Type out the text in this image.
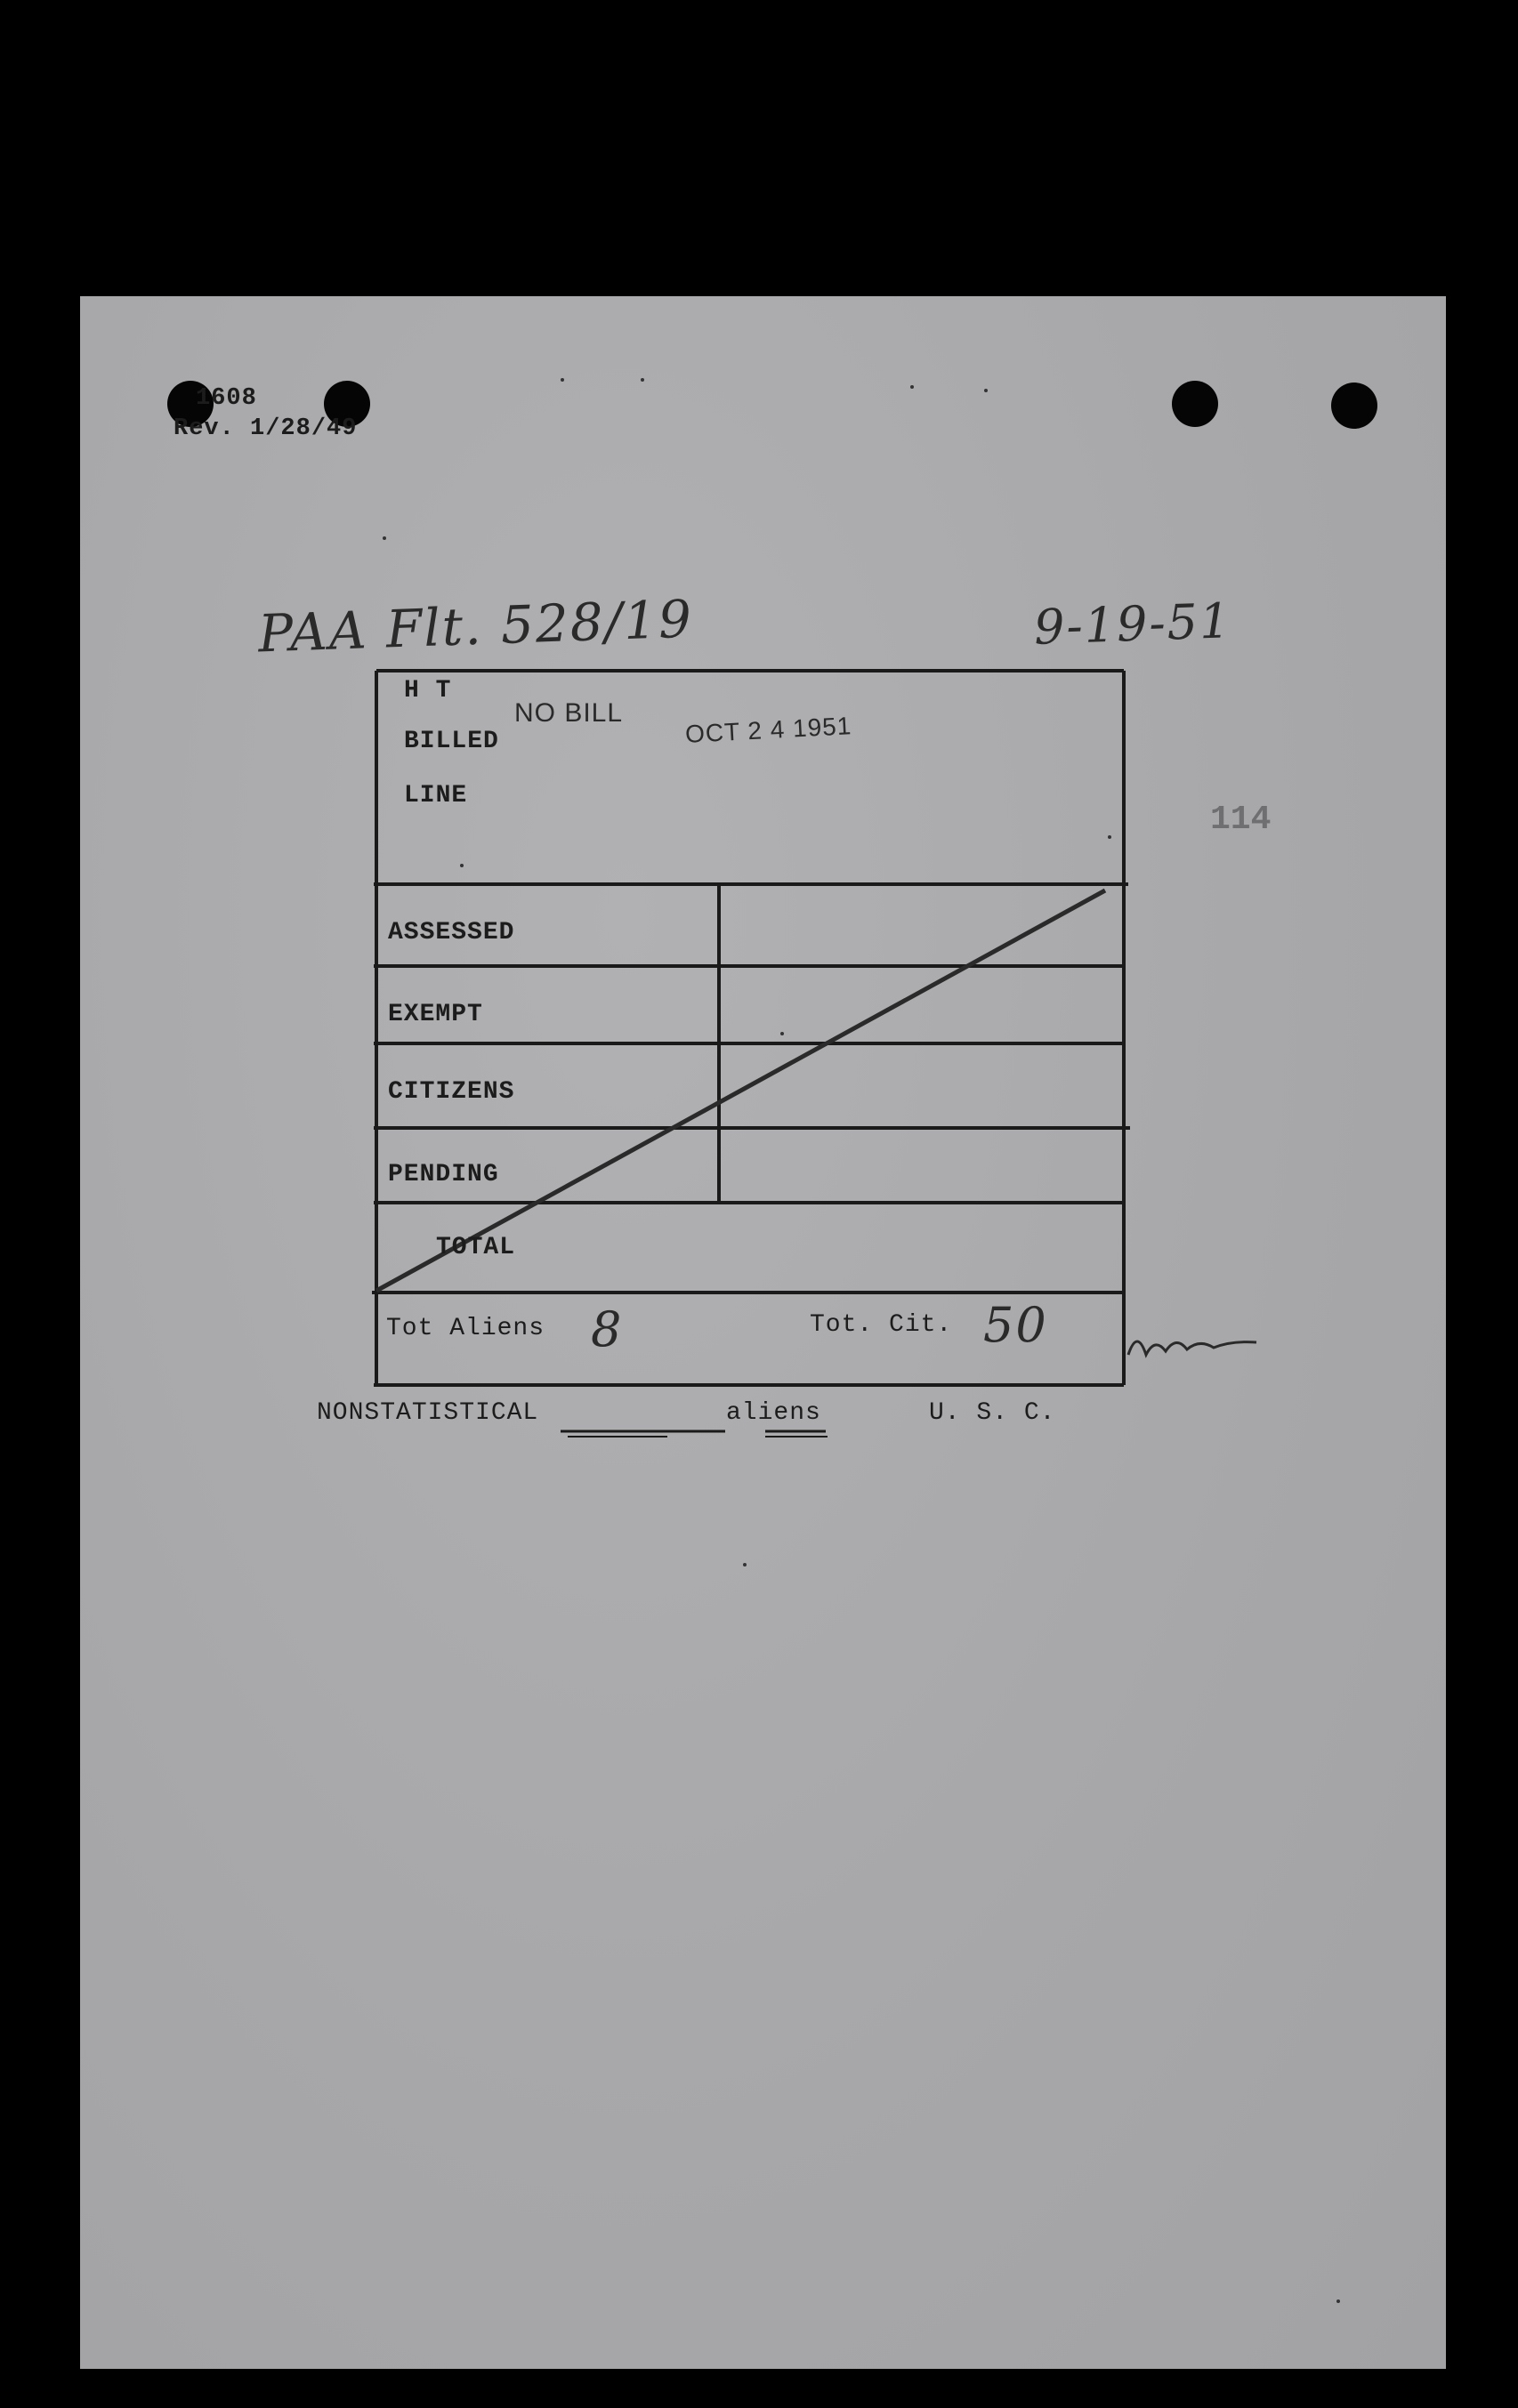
1608
Rev. 1/28/49
PAA Flt. 528/19	9-19-51
114
H T
BILLED
LINE
NO BILL OCT 2 4 1951
ASSESSED
EXEMPT
CITIZENS
PENDING
TOTAL
Tot Aliens 8	Tot. Cit. 50
NONSTATISTICAL	aliens	U. S. C.
